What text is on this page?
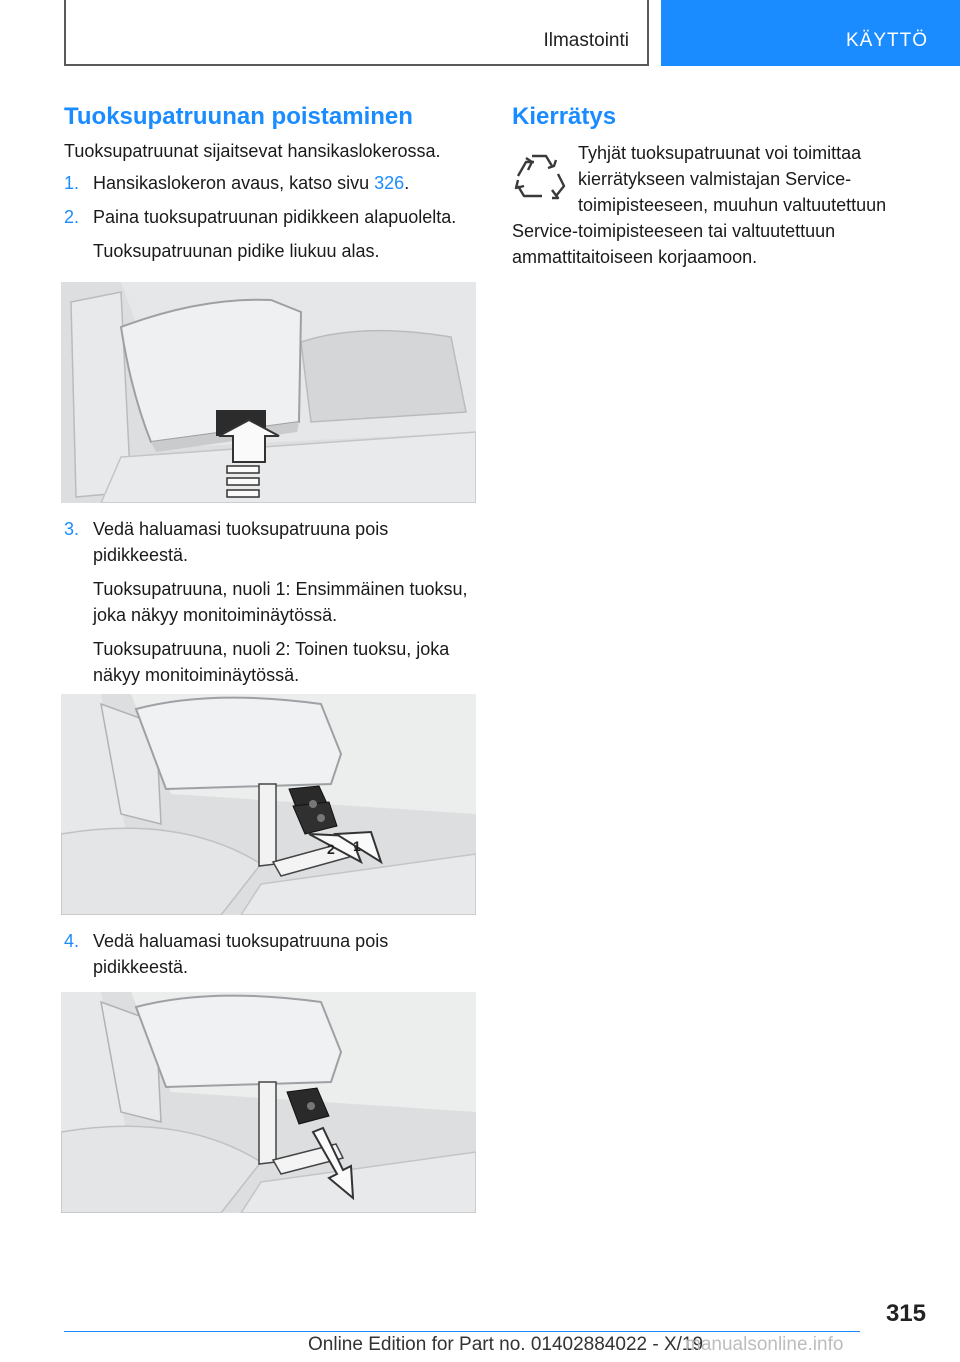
Ilmastointi	KÄYTTÖ
Tuoksupatruunan poistaminen

Tuoksupatruunat sijaitsevat hansikaslokerossa.

1. Hansikaslokeron avaus, katso sivu 326.
2. Paina tuoksupatruunan pidikkeen alapuolelta.
Tuoksupatruunan pidike liukuu alas.
3. Vedä haluamasi tuoksupatruuna pois pidikkeestä.
Tuoksupatruuna, nuoli 1: Ensimmäinen tuoksu, joka näkyy monitoiminäytössä.
Tuoksupatruuna, nuoli 2: Toinen tuoksu, joka näkyy monitoiminäytössä.
2 1
4. Vedä haluamasi tuoksupatruuna pois pidikkeestä.
Kierrätys
Tyhjät tuoksupatruunat voi toimittaa kierrätykseen valmistajan Service-toimipisteeseen, muuhun valtuutettuun Service-toimipisteeseen tai valtuutettuun ammattitaitoiseen korjaamoon.
315
Online Edition for Part no. 01402884022 - X/19
manualsonline.info
